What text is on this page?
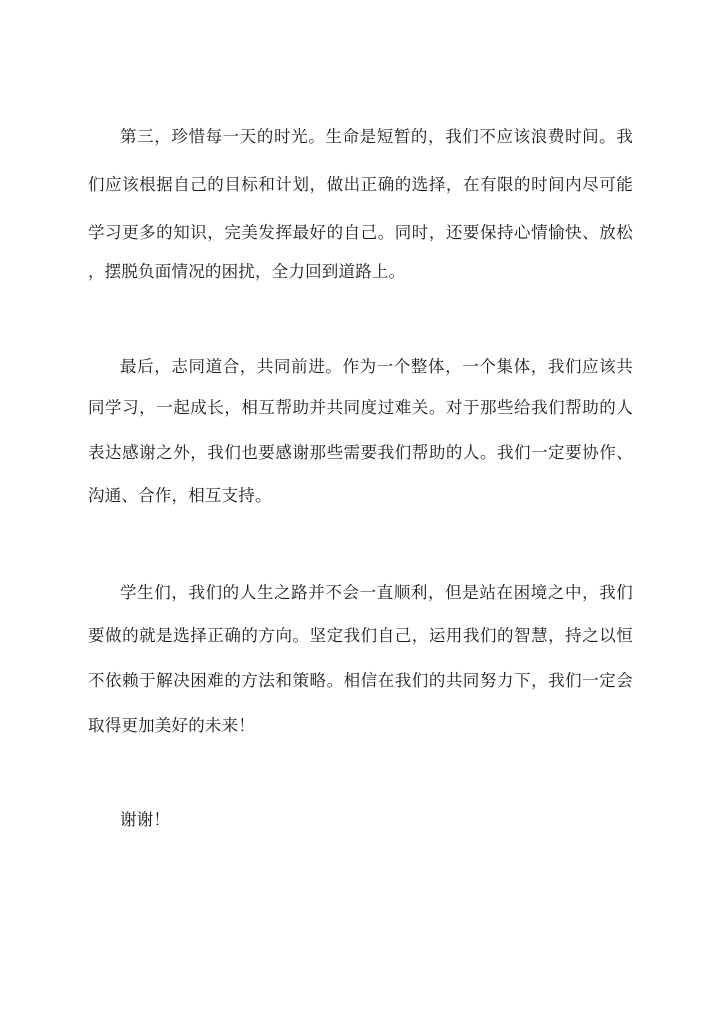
第三，珍惜每一天的时光。生命是短暂的，我们不应该浪费时间。我
们应该根据自己的目标和计划，做出正确的选择，在有限的时间内尽可能
学习更多的知识，完美发挥最好的自己。同时，还要保持心情愉快、放松
，摆脱负面情况的困扰，全力回到道路上。
最后，志同道合，共同前进。作为一个整体，一个集体，我们应该共
同学习，一起成长，相互帮助并共同度过难关。对于那些给我们帮助的人
表达感谢之外，我们也要感谢那些需要我们帮助的人。我们一定要协作、
沟通、合作，相互支持。
学生们，我们的人生之路并不会一直顺利，但是站在困境之中，我们
要做的就是选择正确的方向。坚定我们自己，运用我们的智慧，持之以恒
不依赖于解决困难的方法和策略。相信在我们的共同努力下，我们一定会
取得更加美好的未来！
谢谢！
